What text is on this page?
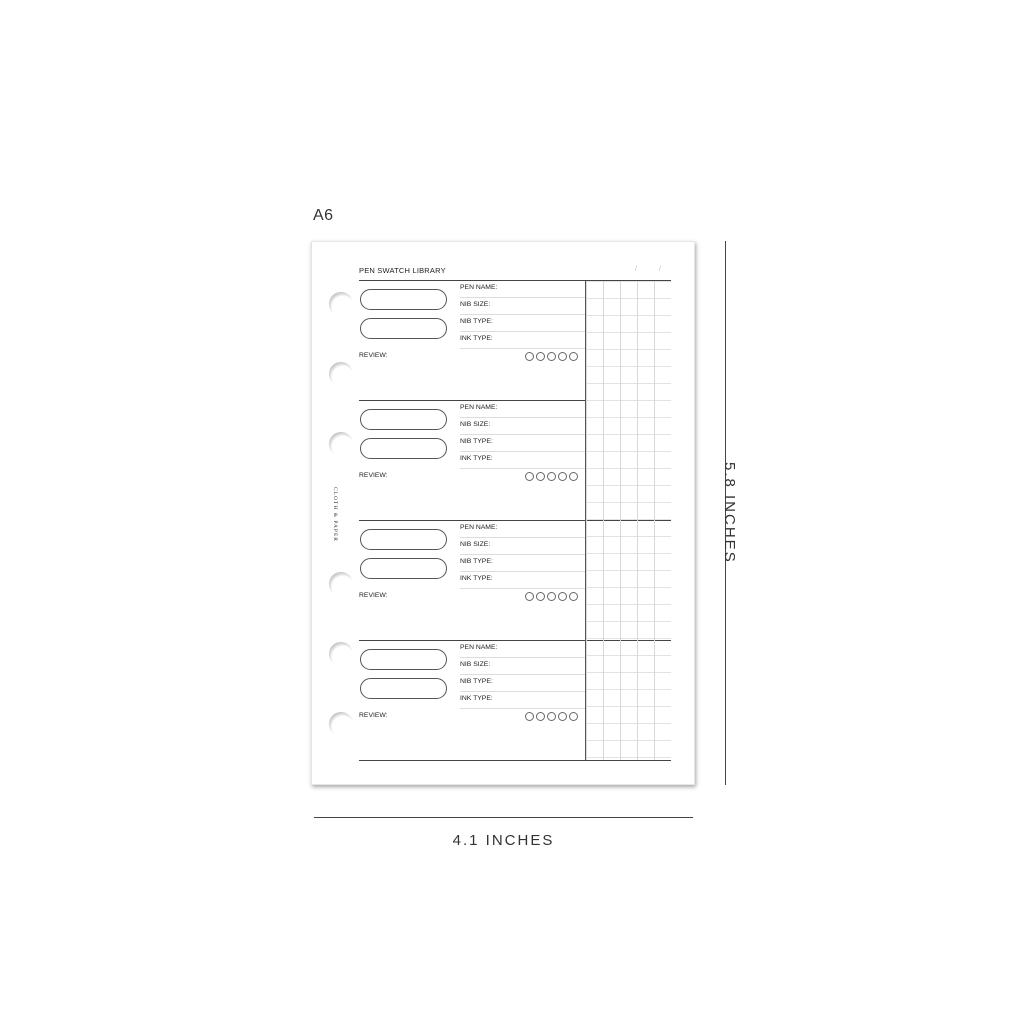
A6
CLOTH & PAPER
PEN SWATCH LIBRARY	/ /
PEN NAME:
NIB SIZE:
NIB TYPE:
INK TYPE:
REVIEW:
PEN NAME:
NIB SIZE:
NIB TYPE:
INK TYPE:
REVIEW:
PEN NAME:
NIB SIZE:
NIB TYPE:
INK TYPE:
REVIEW:
PEN NAME:
NIB SIZE:
NIB TYPE:
INK TYPE:
REVIEW:
5.8 INCHES
4.1 INCHES
